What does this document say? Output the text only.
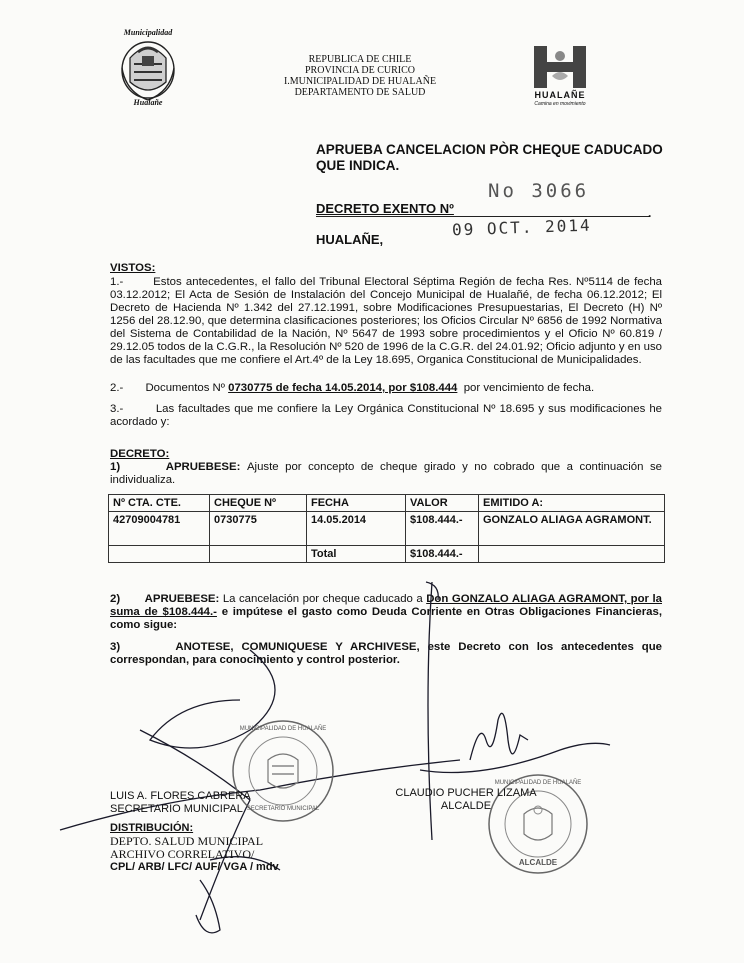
Municipalidad
Hualañe
REPUBLICA DE CHILE
PROVINCIA DE CURICO
I.MUNICIPALIDAD DE HUALAÑE
DEPARTAMENTO DE SALUD	HUALAÑE
Camina en movimiento
APRUEBA CANCELACION PÒR CHEQUE CADUCADO
QUE INDICA.
DECRETO EXENTO Nº	.
No 3066
09 OCT. 2014
HUALAÑE,
VISTOS:
1.-	Estos antecedentes, el fallo del Tribunal Electoral Séptima Región de fecha Res. Nº5114 de fecha 03.12.2012; El Acta de Sesión de Instalación del Concejo Municipal de Hualañé, de fecha 06.12.2012; El Decreto de Hacienda Nº 1.342 del 27.12.1991, sobre Modificaciones Presupuestarias, El Decreto (H) Nº 1256 del 28.12.90, que determina clasificaciones posteriores; los Oficios Circular Nº 6856 de 1992 Normativa del Sistema de Contabilidad de la Nación, Nº 5647 de 1993 sobre procedimientos y el Oficio Nº 60.819 / 29.12.05 todos de la C.G.R., la Resolución Nº 520 de 1996 de la C.G.R. del 24.01.92; Oficio adjunto y en uso de las facultades que me confiere el Art.4º de la Ley 18.695, Organica Constitucional de Municipalidades.
2.- Documentos Nº 0730775 de fecha 14.05.2014, por $108.444 por vencimiento de fecha.
3.-	Las facultades que me confiere la Ley Orgánica Constitucional Nº 18.695 y sus modificaciones he acordado y:
DECRETO:
1)	APRUEBESE: Ajuste por concepto de cheque girado y no cobrado que a continuación se individualiza.
Nº CTA. CTE.	CHEQUE Nº	FECHA	VALOR	EMITIDO A:
42709004781	0730775	14.05.2014	$108.444.-	GONZALO ALIAGA AGRAMONT.
		Total	$108.444.-	
2) APRUEBESE: La cancelación por cheque caducado a Don GONZALO ALIAGA AGRAMONT, por la suma de $108.444.- e impútese el gasto como Deuda Corriente en Otras Obligaciones Financieras, como sigue:
3)	ANOTESE, COMUNIQUESE Y ARCHIVESE, este Decreto con los antecedentes que correspondan, para conocimiento y control posterior.
MUNICIPALIDAD DE HUALAÑE
SECRETARIO MUNICIPAL
MUNICIPALIDAD DE HUALAÑE
ALCALDE
LUIS A. FLORES CABRERA
SECRETARIO MUNICIPAL
CLAUDIO PUCHER LIZAMA
ALCALDE
DISTRIBUCIÓN:
DEPTO. SALUD MUNICIPAL
ARCHIVO CORRELATIVO/
CPL/ ARB/ LFC/ AUF/ VGA / mdv
